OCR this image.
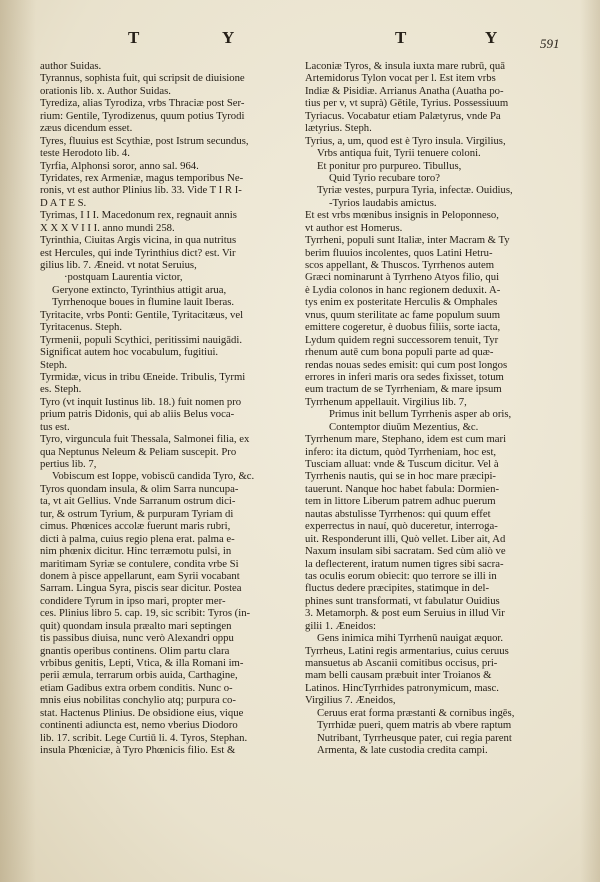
T	Y	T	Y	591
author Suidas.
Tyrannus, sophista fuit, qui scripsit de diuisione
orationis lib. x. Author Suidas.
Tyrediza, alias Tyrodiza, vrbs Thraciæ post Ser-
rium: Gentile, Tyrodizenus, quum potius Tyrodi
zæus dicendum esset.
Tyres, fluuius est Scythiæ, post Istrum secundus,
teste Herodoto lib. 4.
Tyrfia, Alphonsi soror, anno sal. 964.
Tyridates, rex Armeniæ, magus temporibus Ne-
ronis, vt est author Plinius lib. 33. Vide T I R I-
D A T E S.
Tyrimas, I I I. Macedonum rex, regnauit annis
X X X V I I I. anno mundi 258.
Tyrinthia, Ciuitas Argis vicina, in qua nutritus
est Hercules, qui inde Tyrinthius dict? est. Vir
gilius lib. 7. Æneid. vt notat Seruius,
·postquam Laurentia victor,
Geryone extincto, Tyrinthius attigit arua,
Tyrrhenoque boues in flumine lauit Iberas.
Tyritacite, vrbs Ponti: Gentile, Tyritacitæus, vel
Tyritacenus. Steph.
Tyrmenii, populi Scythici, peritissimi nauigādi.
Significat autem hoc vocabulum, fugitiui.
Steph.
Tyrmidæ, vicus in tribu Œneide. Tribulis, Tyrmi
es. Steph.
Tyro (vt inquit Iustinus lib. 18.) fuit nomen pro
prium patris Didonis, qui ab aliis Belus voca-
tus est.
Tyro, virguncula fuit Thessala, Salmonei filia, ex
qua Neptunus Neleum & Peliam suscepit. Pro
pertius lib. 7,
Vobiscum est Ioppe, vobiscū candida Tyro, &c.
Tyros quondam insula, & olim Sarra nuncupa-
ta, vt ait Gellius. Vnde Sarranum ostrum dici-
tur, & ostrum Tyrium, & purpuram Tyriam di
cimus. Phœnices accolæ fuerunt maris rubri,
dicti à palma, cuius regio plena erat. palma e-
nim phœnix dicitur. Hinc terræmotu pulsi, in
maritimam Syriæ se contulere, condita vrbe Si
donem à pisce appellarunt, eam Syrii vocabant
Sarram. Lingua Syra, piscis sear dicitur. Postea
condidere Tyrum in ipso mari, propter mer-
ces. Plinius libro 5. cap. 19, sic scribit: Tyros (in-
quit) quondam insula præalto mari septingen
tis passibus diuisa, nunc verò Alexandri oppu
gnantis operibus continens. Olim partu clara
vrbibus genitis, Lepti, Vtica, & illa Romani im-
perii æmula, terrarum orbis auida, Carthagine,
etiam Gadibus extra orbem conditis. Nunc o-
mnis eius nobilitas conchylio atq; purpura co-
stat. Hactenus Plinius. De obsidione eius, vique
continenti adiuncta est, nemo vberius Diodoro
lib. 17. scribit. Lege Curtiū li. 4. Tyros, Stephan.
insula Phœniciæ, à Tyro Phœnicis filio. Est &
Laconiæ Tyros, & insula iuxta mare rubrū, quā
Artemidorus Tylon vocat per l. Est item vrbs
Indiæ & Pisidiæ. Arrianus Anatha (Auatha po-
tius per v, vt suprà) Gētile, Tyrius. Possessiuum
Tyriacus. Vocabatur etiam Palætyrus, vnde Pa
lætyrius. Steph.
Tyrius, a, um, quod est è Tyro insula. Virgilius,
Vrbs antiqua fuit, Tyrii tenuere coloni.
Et ponitur pro purpureo. Tibullus,
Quid Tyrio recubare toro?
Tyriæ vestes, purpura Tyria, infectæ. Ouidius,
-Tyrios laudabis amictus.
Et est vrbs mœnibus insignis in Peloponneso,
vt author est Homerus.
Tyrrheni, populi sunt Italiæ, inter Macram & Ty
berim fluuios incolentes, quos Latini Hetru-
scos appellant, & Thuscos. Tyrrhenos autem
Græci nominarunt à Tyrrheno Atyos filio, qui
è Lydia colonos in hanc regionem deduxit. A-
tys enim ex posteritate Herculis & Omphales
vnus, quum sterilitate ac fame populum suum
emittere cogeretur, è duobus filiis, sorte iacta,
Lydum quidem regni successorem tenuit, Tyr
rhenum autē cum bona populi parte ad quæ-
rendas nouas sedes emisit: qui cum post longos
errores in inferi maris ora sedes fixisset, totum
eum tractum de se Tyrrheniam, & mare ipsum
Tyrrhenum appellauit. Virgilius lib. 7,
Primus init bellum Tyrrhenis asper ab oris,
Contemptor diuūm Mezentius, &c.
Tyrrhenum mare, Stephano, idem est cum mari
infero: ita dictum, quòd Tyrrheniam, hoc est,
Tusciam alluat: vnde & Tuscum dicitur. Vel à
Tyrrhenis nautis, qui se in hoc mare præcipi-
tauerunt. Nanque hoc habet fabula: Dormien-
tem in littore Liberum patrem adhuc puerum
nautas abstulisse Tyrrhenos: qui quum effet
experrectus in nauí, quò duceretur, interroga-
uit. Responderunt illi, Quò vellet. Liber ait, Ad
Naxum insulam sibi sacratam. Sed cùm aliò ve
la deflecterent, iratum numen tigres sibi sacra-
tas oculis eorum obiecit: quo terrore se illi in
fluctus dedere præcipites, statimque in del-
phines sunt transformati, vt fabulatur Ouidius
3. Metamorph. & post eum Seruius in illud Vir
gilii 1. Æneidos:
Gens inimica mihi Tyrrhenū nauigat æquor.
Tyrrheus, Latini regis armentarius, cuius ceruus
mansuetus ab Ascanii comitibus occisus, pri-
mam belli causam præbuit inter Troianos &
Latinos. HincTyrrhides patronymicum, masc.
Virgilius 7. Æneidos,
Ceruus erat forma præstanti & cornibus ingēs,
Tyrrhidæ pueri, quem matris ab vbere raptum
Nutribant, Tyrrheusque pater, cui regia parent
Armenta, & late custodia credita campi.
